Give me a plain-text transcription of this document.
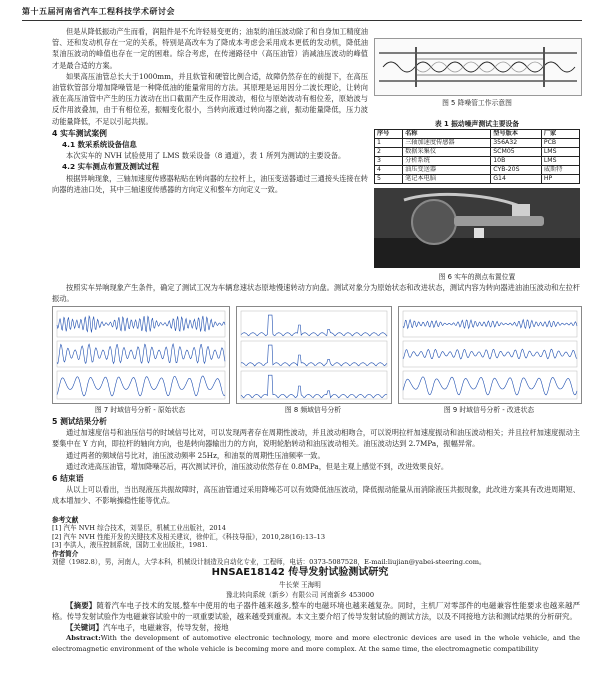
第十五届河南省汽车工程科技学术研讨会

但是从降低振动产生而看，润阻件是不允许轻易变更的；油泵的油压波动除了和自身加工精度油管、还和发动机存在一定的关系，特别是高改车为了降成本考虑会采用成本更低的发动机，降低油泵油压波动的峰值也存在一定的困难。综合考虑，在传递路径中（高压油管）消减油压波动的峰值才是最合适的方案。

如果高压油管总长大于1000mm，并且软管和硬管比例合适，故障仍然存在的前提下，在高压油管软管部分增加降噪管是一种降低油的能量常用的方法。其原理是运用因分二波长理论，让转向液在高压油管中产生的压力波动在出口截面产生反作用波动，相位与原始波动有相位差，原始波与反作用波叠加，由于有相位差，振幅变化很小，当转向液通过转向器之前，振动能量降低，压力波动能量降低，不足以引起共振。

4 实车测试案例
4.1 数采系统设备信息

本次实车的 NVH 试验使用了 LMS 数采设备（8 通道），表 1 所列为测试的主要设备。

4.2 实车测点布置及测试过程

根据异响现象，三轴加速度传感器粘贴在转向器的左拉杆上，油压变送器通过三通接头连接在转向器的进油口处，其中三轴速度传感器的方向定义和整车方向定义一致。

图 5 降噪管工作示意图
表 1 振动噪声测试主要设备
序号	名称	型号版本	厂家
1	三轴加速度传感器	356A32	PCB
2	数据采集仪	SCM05	LMS
3	分析系统	10B	LMS
4	油压变送器	CYB-20S	威斯特
5	笔记本电脑	G14	HP
图 6 实车的测点布置位置

按照实车异响现象产生条件，确定了测试工况为车辆怠速状态原地慢速转动方向盘。测试对象分为原始状态和改进状态，测试内容为转向器进油油压波动和左拉杆振动。

图 7 时域信号分析 - 原始状态	图 8 频域信号分析	图 9 时域信号分析 - 改进状态
5 测试结果分析

通过加速度信号和油压信号的时域信号比对，可以发现两者存在周期性波动，并且波动相吻合，可以说明拉杆加速度振动和油压波动相关；并且拉杆加速度振动主要集中在 Y 方向，即拉杆的轴向方向，也是转向器输出力的方向，说明轮胎转动和油压波动相关。油压波动达到 2.7MPa，振幅异常。

通过两者的频域信号比对，油压波动频率 25Hz，和油泵的周期性压油频率一致。

通过改进高压油管，增加降噪芯后，再次测试评价，油压波动依然存在 0.8MPa，但是主观上感觉不到，改进效果良好。

6 结束语

从以上可以看出，当出现液压共振故障时，高压油管通过采用降噪芯可以有效降低油压波动，降低振动能量从而消除液压共振现象，此改进方案具有改进周期短、成本增加少、不影响操稳性能等优点。

参考文献
[1] 汽车 NVH 综合技术，刘显臣，机械工业出版社，2014
[2] 汽车 NVH 性能开发的关键技术及相关建议，徐仲汇，《科技导报》，2010,28(16):13–13
[3] 李洪人，液压控制系统，国防工业出版社，1981.
作者简介
刘健（1982.8），男，河南人，大学本科，机械设计制造及自动化专业，工程师，电话：0373-5087528，E-mail:liujian@yabei-steering.com。
HNSAE18142 传导发射试验测试研究
牛长荣 王海明
豫北转向系统（新乡）有限公司 河南新乡 453000

【摘要】随着汽车电子技术的发展,整车中使用的电子器件越来越多,整车的电磁环境也越来越复杂。同时，主机厂对零部件的电磁兼容性能要求也越来越严格。传导发射试验作为电磁兼容试验中的一项重要试验，越来越受到重视。本文主要介绍了传导发射试验的测试方法，以及不同接地方法和测试结果的分析研究。

【关键词】汽车电子，电磁兼容，传导发射，接地

Abstract:With the development of automotive electronic technology, more and more electronic devices are used in the whole vehicle, and the electromagnetic environment of the whole vehicle is becoming more and more complex. At the same time, the electromagnetic compatibility
